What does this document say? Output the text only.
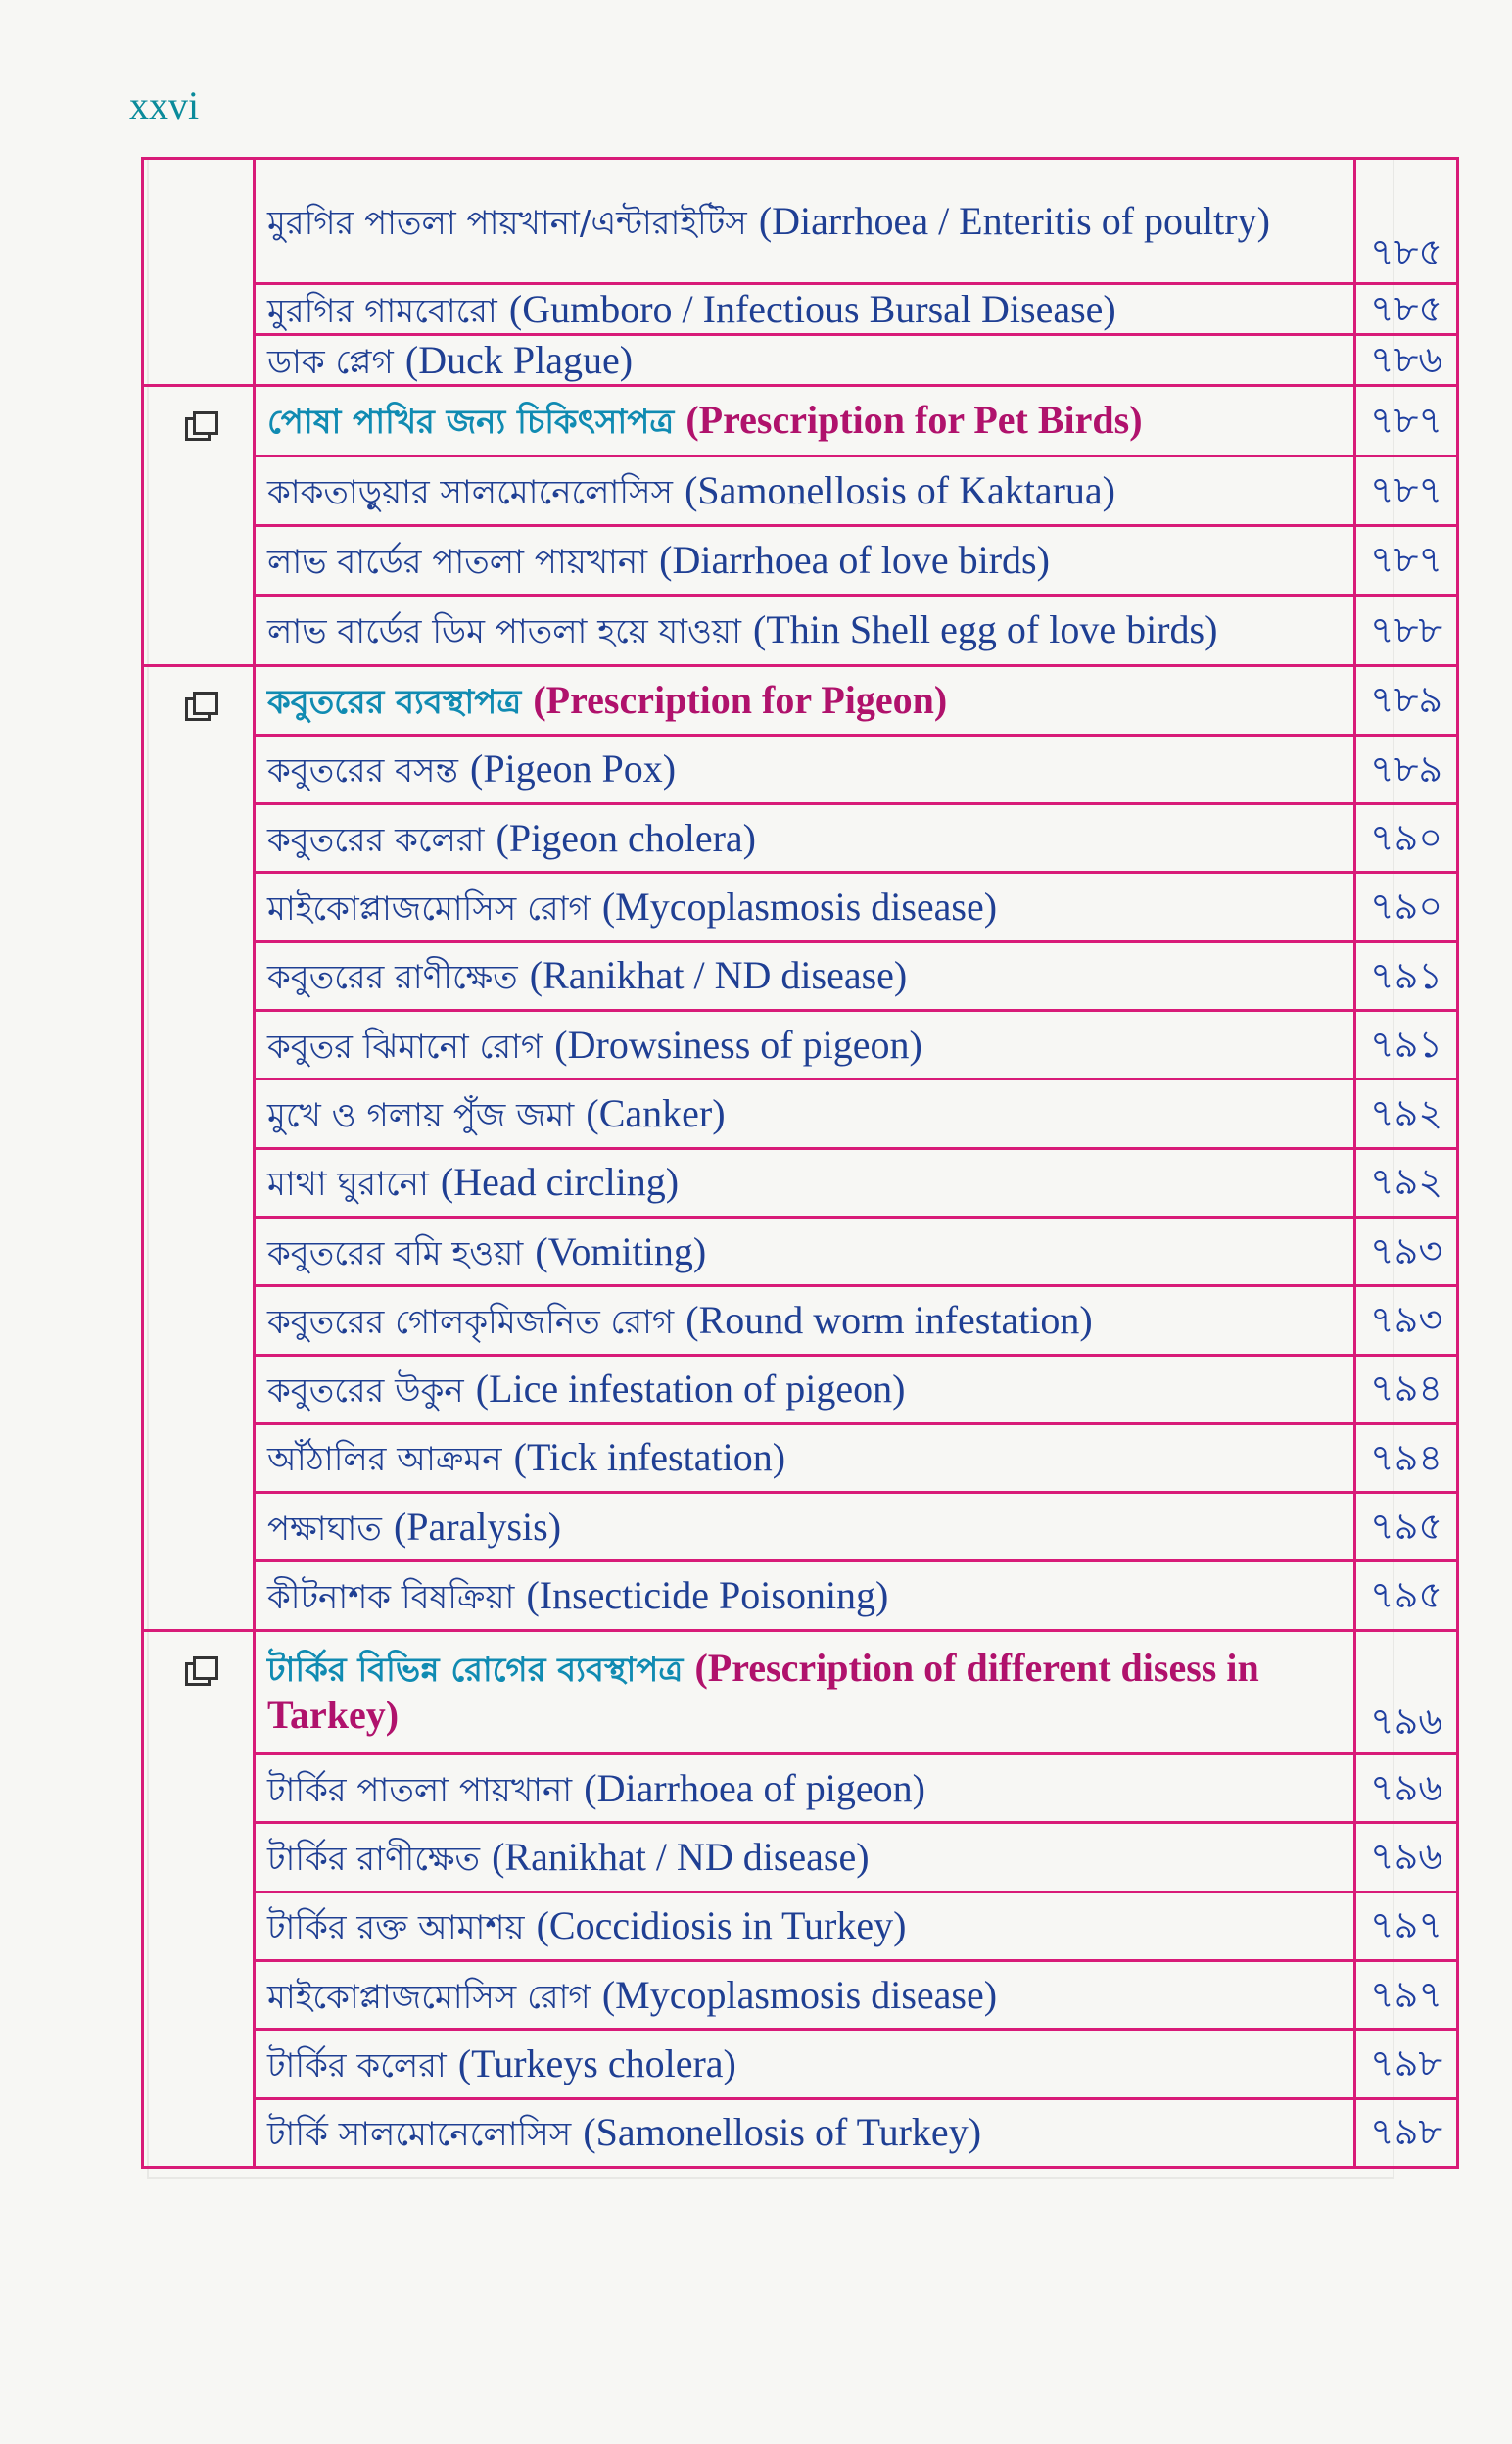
xxvi
	মুরগির পাতলা পায়খানা/এন্টারাইটিস (Diarrhoea / Enteritis of poultry)	৭৮৫
	মুরগির গামবোরো (Gumboro / Infectious Bursal Disease)	৭৮৫
	ডাক প্লেগ (Duck Plague)	৭৮৬
	পোষা পাখির জন্য চিকিৎসাপত্র (Prescription for Pet Birds)	৭৮৭
	কাকতাড়ুয়ার সালমোনেলোসিস (Samonellosis of Kaktarua)	৭৮৭
	লাভ বার্ডের পাতলা পায়খানা (Diarrhoea of love birds)	৭৮৭
	লাভ বার্ডের ডিম পাতলা হয়ে যাওয়া (Thin Shell egg of love birds)	৭৮৮
	কবুতরের ব্যবস্থাপত্র (Prescription for Pigeon)	৭৮৯
	কবুতরের বসন্ত (Pigeon Pox)	৭৮৯
	কবুতরের কলেরা (Pigeon cholera)	৭৯০
	মাইকোপ্লাজমোসিস রোগ (Mycoplasmosis disease)	৭৯০
	কবুতরের রাণীক্ষেত (Ranikhat / ND disease)	৭৯১
	কবুতর ঝিমানো রোগ (Drowsiness of pigeon)	৭৯১
	মুখে ও গলায় পুঁজ জমা (Canker)	৭৯২
	মাথা ঘুরানো (Head circling)	৭৯২
	কবুতরের বমি হওয়া (Vomiting)	৭৯৩
	কবুতরের গোলকৃমিজনিত রোগ (Round worm infestation)	৭৯৩
	কবুতরের উকুন (Lice infestation of pigeon)	৭৯৪
	আঁঠালির আক্রমন (Tick infestation)	৭৯৪
	পক্ষাঘাত (Paralysis)	৭৯৫
	কীটনাশক বিষক্রিয়া (Insecticide Poisoning)	৭৯৫
	টার্কির বিভিন্ন রোগের ব্যবস্থাপত্র (Prescription of different disess in Tarkey)	৭৯৬
	টার্কির পাতলা পায়খানা (Diarrhoea of pigeon)	৭৯৬
	টার্কির রাণীক্ষেত (Ranikhat / ND disease)	৭৯৬
	টার্কির রক্ত আমাশয় (Coccidiosis in Turkey)	৭৯৭
	মাইকোপ্লাজমোসিস রোগ (Mycoplasmosis disease)	৭৯৭
	টার্কির কলেরা (Turkeys cholera)	৭৯৮
	টার্কি সালমোনেলোসিস (Samonellosis of Turkey)	৭৯৮
